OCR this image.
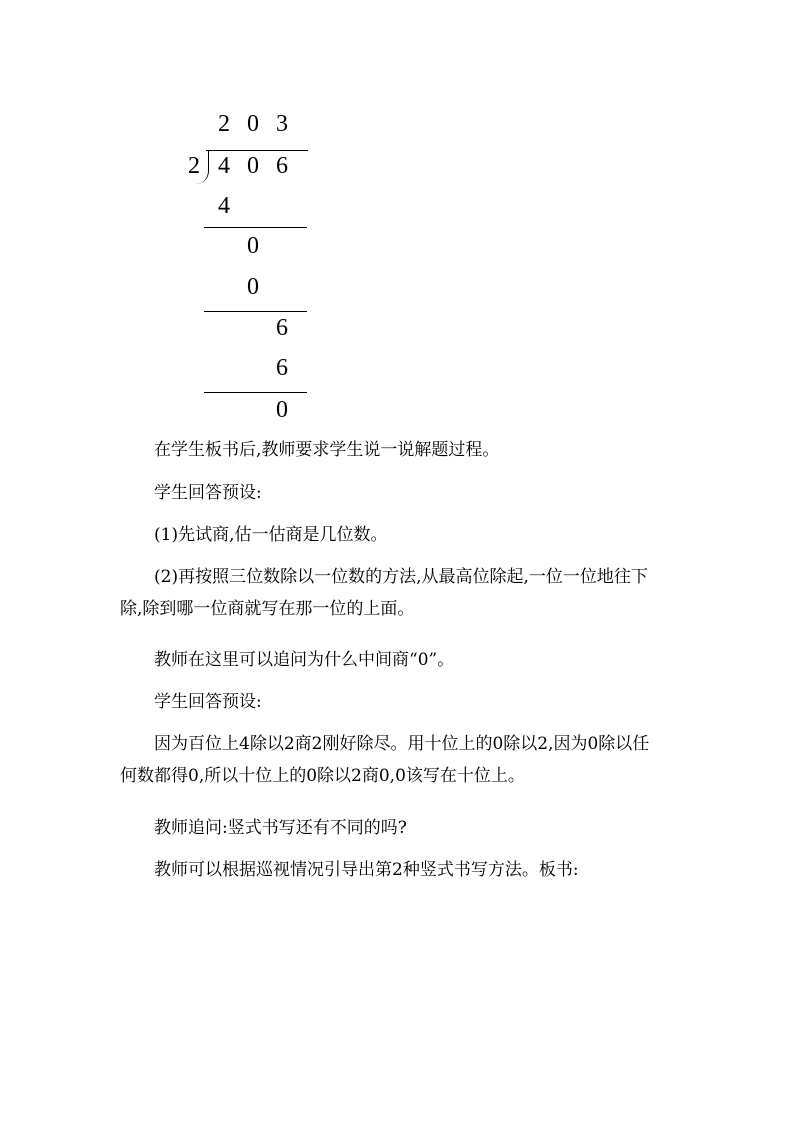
2 0 3
2 4 0 6
4
0
0
6
6
0

在学生板书后,教师要求学生说一说解题过程。

学生回答预设:

(1)先试商,估一估商是几位数。

(2)再按照三位数除以一位数的方法,从最高位除起,一位一位地往下除,除到哪一位商就写在那一位的上面。

教师在这里可以追问为什么中间商“0”。

学生回答预设:

因为百位上4除以2商2刚好除尽。用十位上的0除以2,因为0除以任何数都得0,所以十位上的0除以2商0,0该写在十位上。

教师追问:竖式书写还有不同的吗?

教师可以根据巡视情况引导出第2种竖式书写方法。板书:
